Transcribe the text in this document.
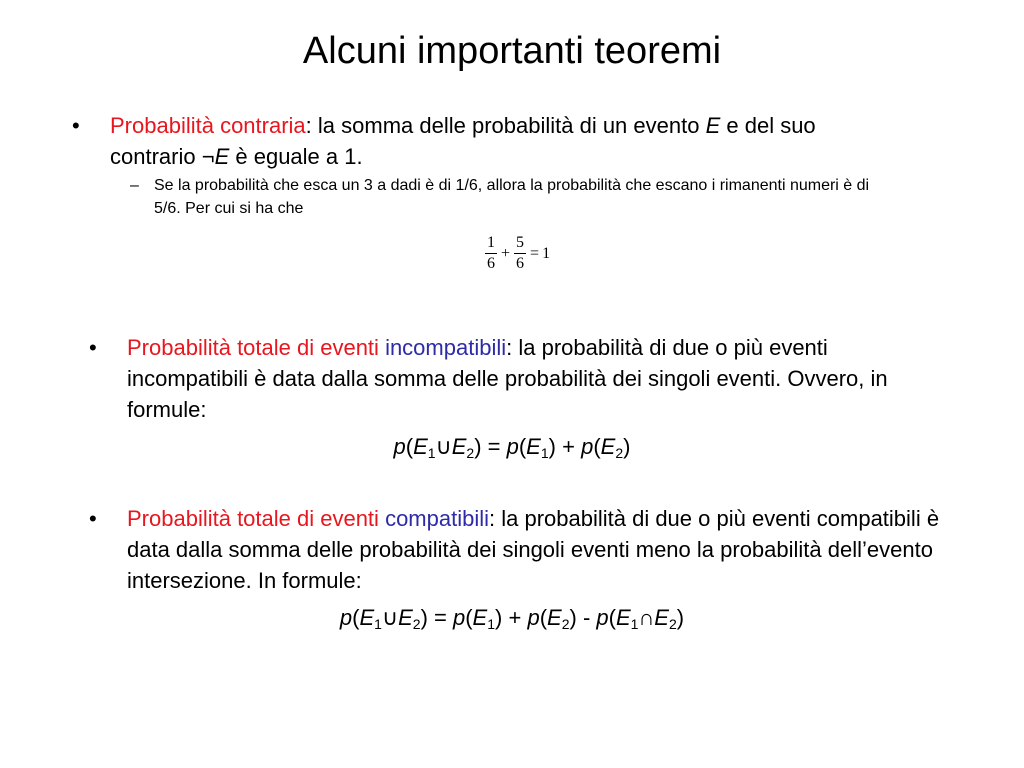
Alcuni importanti teoremi
• Probabilità contraria: la somma delle probabilità di un evento E e del suo contrario ¬E è eguale a 1.
– Se la probabilità che esca un 3 a dadi è di 1/6, allora la probabilità che escano i rimanenti numeri è di 5/6. Per cui si ha che
$\frac{1}{6} + \frac{5}{6} = 1$
• Probabilità totale di eventi incompatibili: la probabilità di due o più eventi incompatibili è data dalla somma delle probabilità dei singoli eventi. Ovvero, in formule:
$p(E_1\cup E_2) = p(E_1) + p(E_2)$
• Probabilità totale di eventi compatibili: la probabilità di due o più eventi compatibili è data dalla somma delle probabilità dei singoli eventi meno la probabilità dell’evento intersezione. In formule:
$p(E_1\cup E_2) = p(E_1) + p(E_2)$ - $p(E_1\cap E_2)$
